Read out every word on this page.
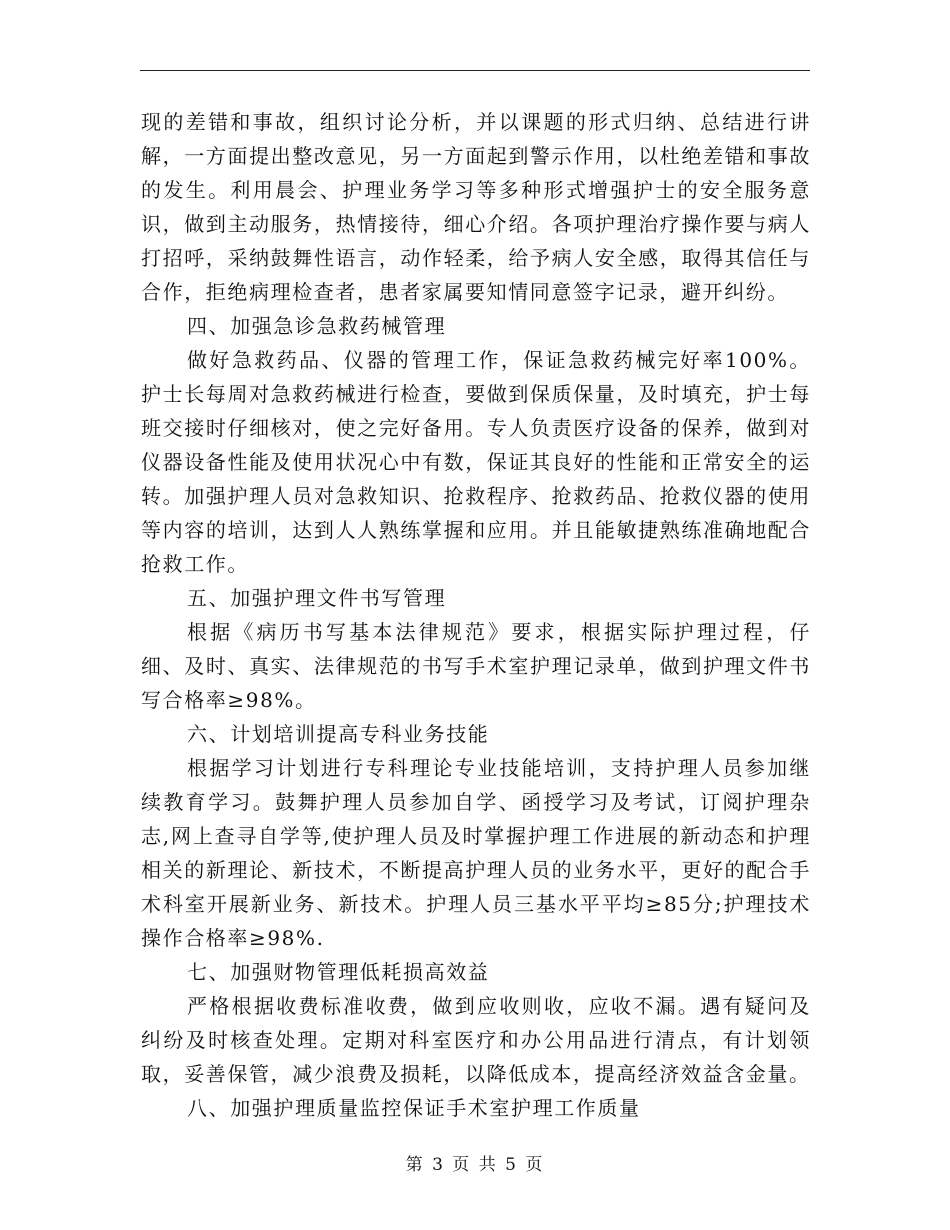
现的差错和事故，组织讨论分析，并以课题的形式归纳、总结进行讲解，一方面提出整改意见，另一方面起到警示作用，以杜绝差错和事故的发生。利用晨会、护理业务学习等多种形式增强护士的安全服务意识，做到主动服务，热情接待，细心介绍。各项护理治疗操作要与病人打招呼，采纳鼓舞性语言，动作轻柔，给予病人安全感，取得其信任与合作，拒绝病理检查者，患者家属要知情同意签字记录，避开纠纷。

四、加强急诊急救药械管理

做好急救药品、仪器的管理工作，保证急救药械完好率100%。护士长每周对急救药械进行检查，要做到保质保量，及时填充，护士每班交接时仔细核对，使之完好备用。专人负责医疗设备的保养，做到对仪器设备性能及使用状况心中有数，保证其良好的性能和正常安全的运转。加强护理人员对急救知识、抢救程序、抢救药品、抢救仪器的使用等内容的培训，达到人人熟练掌握和应用。并且能敏捷熟练准确地配合抢救工作。

五、加强护理文件书写管理

根据《病历书写基本法律规范》要求，根据实际护理过程，仔细、及时、真实、法律规范的书写手术室护理记录单，做到护理文件书写合格率≥98%。

六、计划培训提高专科业务技能

根据学习计划进行专科理论专业技能培训，支持护理人员参加继续教育学习。鼓舞护理人员参加自学、函授学习及考试，订阅护理杂志,网上查寻自学等,使护理人员及时掌握护理工作进展的新动态和护理相关的新理论、新技术，不断提高护理人员的业务水平，更好的配合手术科室开展新业务、新技术。护理人员三基水平平均≥85分;护理技术操作合格率≥98%.

七、加强财物管理低耗损高效益

严格根据收费标准收费，做到应收则收，应收不漏。遇有疑问及纠纷及时核查处理。定期对科室医疗和办公用品进行清点，有计划领取，妥善保管，减少浪费及损耗，以降低成本，提高经济效益含金量。

八、加强护理质量监控保证手术室护理工作质量

第 3 页 共 5 页
